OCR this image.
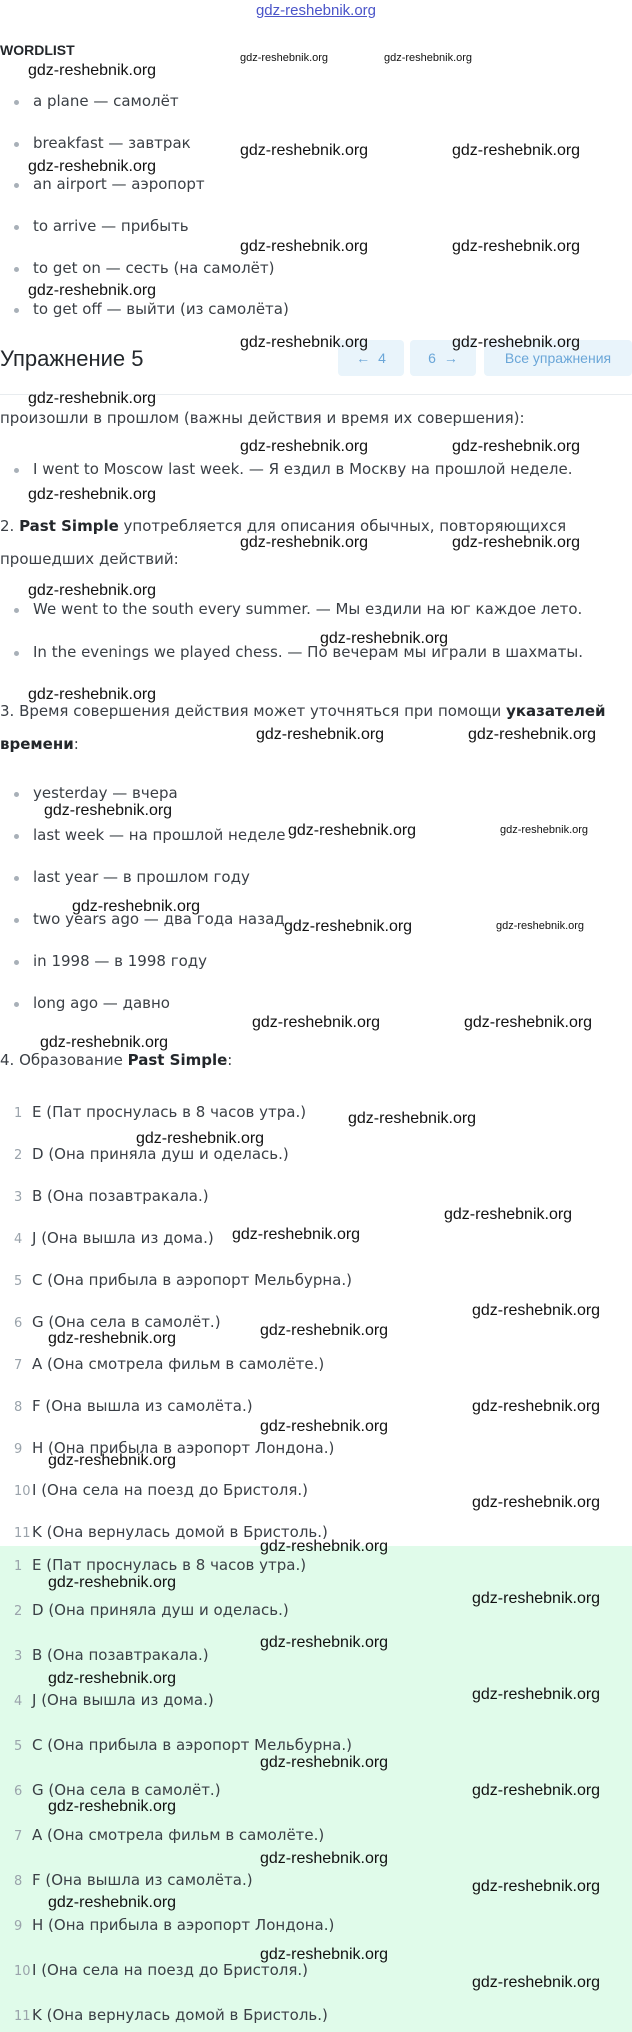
gdz-reshebnik.org
WORDLIST
a plane — самолёт
breakfast — завтрак
an airport — аэропорт
to arrive — прибыть
to get on — сесть (на самолёт)
to get off — выйти (из самолёта)
Упражнение 5	← 4	6 →	Все упражнения
произошли в прошлом (важны действия и время их совершения):
I went to Moscow last week. — Я ездил в Москву на прошлой неделе.
2. Past Simple употребляется для описания обычных, повторяющихся прошедших действий:
We went to the south every summer. — Мы ездили на юг каждое лето.
In the evenings we played chess. — По вечерам мы играли в шахматы.
3. Время совершения действия может уточняться при помощи указателей времени:
yesterday — вчера
last week — на прошлой неделе
last year — в прошлом году
two years ago — два года назад
in 1998 — в 1998 году
long ago — давно
4. Образование Past Simple:
1 E (Пат проснулась в 8 часов утра.)
2 D (Она приняла душ и оделась.)
3 B (Она позавтракала.)
4 J (Она вышла из дома.)
5 C (Она прибыла в аэропорт Мельбурна.)
6 G (Она села в самолёт.)
7 A (Она смотрела фильм в самолёте.)
8 F (Она вышла из самолёта.)
9 H (Она прибыла в аэропорт Лондона.)
10I (Она села на поезд до Бристоля.)
11K (Она вернулась домой в Бристоль.)
1 E (Пат проснулась в 8 часов утра.)
2 D (Она приняла душ и оделась.)
3 B (Она позавтракала.)
4 J (Она вышла из дома.)
5 C (Она прибыла в аэропорт Мельбурна.)
6 G (Она села в самолёт.)
7 A (Она смотрела фильм в самолёте.)
8 F (Она вышла из самолёта.)
9 H (Она прибыла в аэропорт Лондона.)
10I (Она села на поезд до Бристоля.)
11K (Она вернулась домой в Бристоль.)
gdz-reshebnik.org
gdz-reshebnik.org	gdz-reshebnik.org
gdz-reshebnik.org
gdz-reshebnik.org	gdz-reshebnik.org
gdz-reshebnik.org	gdz-reshebnik.org
gdz-reshebnik.org
gdz-reshebnik.org	gdz-reshebnik.org
gdz-reshebnik.org
gdz-reshebnik.org	gdz-reshebnik.org
gdz-reshebnik.org
gdz-reshebnik.org	gdz-reshebnik.org
gdz-reshebnik.org
gdz-reshebnik.org
gdz-reshebnik.org
gdz-reshebnik.org	gdz-reshebnik.org
gdz-reshebnik.org
gdz-reshebnik.org	gdz-reshebnik.org
gdz-reshebnik.org
gdz-reshebnik.org	gdz-reshebnik.org
gdz-reshebnik.org	gdz-reshebnik.org
gdz-reshebnik.org
gdz-reshebnik.org
gdz-reshebnik.org
gdz-reshebnik.org
gdz-reshebnik.org
gdz-reshebnik.org
gdz-reshebnik.org
gdz-reshebnik.org
gdz-reshebnik.org
gdz-reshebnik.org
gdz-reshebnik.org
gdz-reshebnik.org
gdz-reshebnik.org
gdz-reshebnik.org
gdz-reshebnik.org
gdz-reshebnik.org
gdz-reshebnik.org
gdz-reshebnik.org
gdz-reshebnik.org
gdz-reshebnik.org
gdz-reshebnik.org
gdz-reshebnik.org
gdz-reshebnik.org
gdz-reshebnik.org
gdz-reshebnik.org
gdz-reshebnik.org
